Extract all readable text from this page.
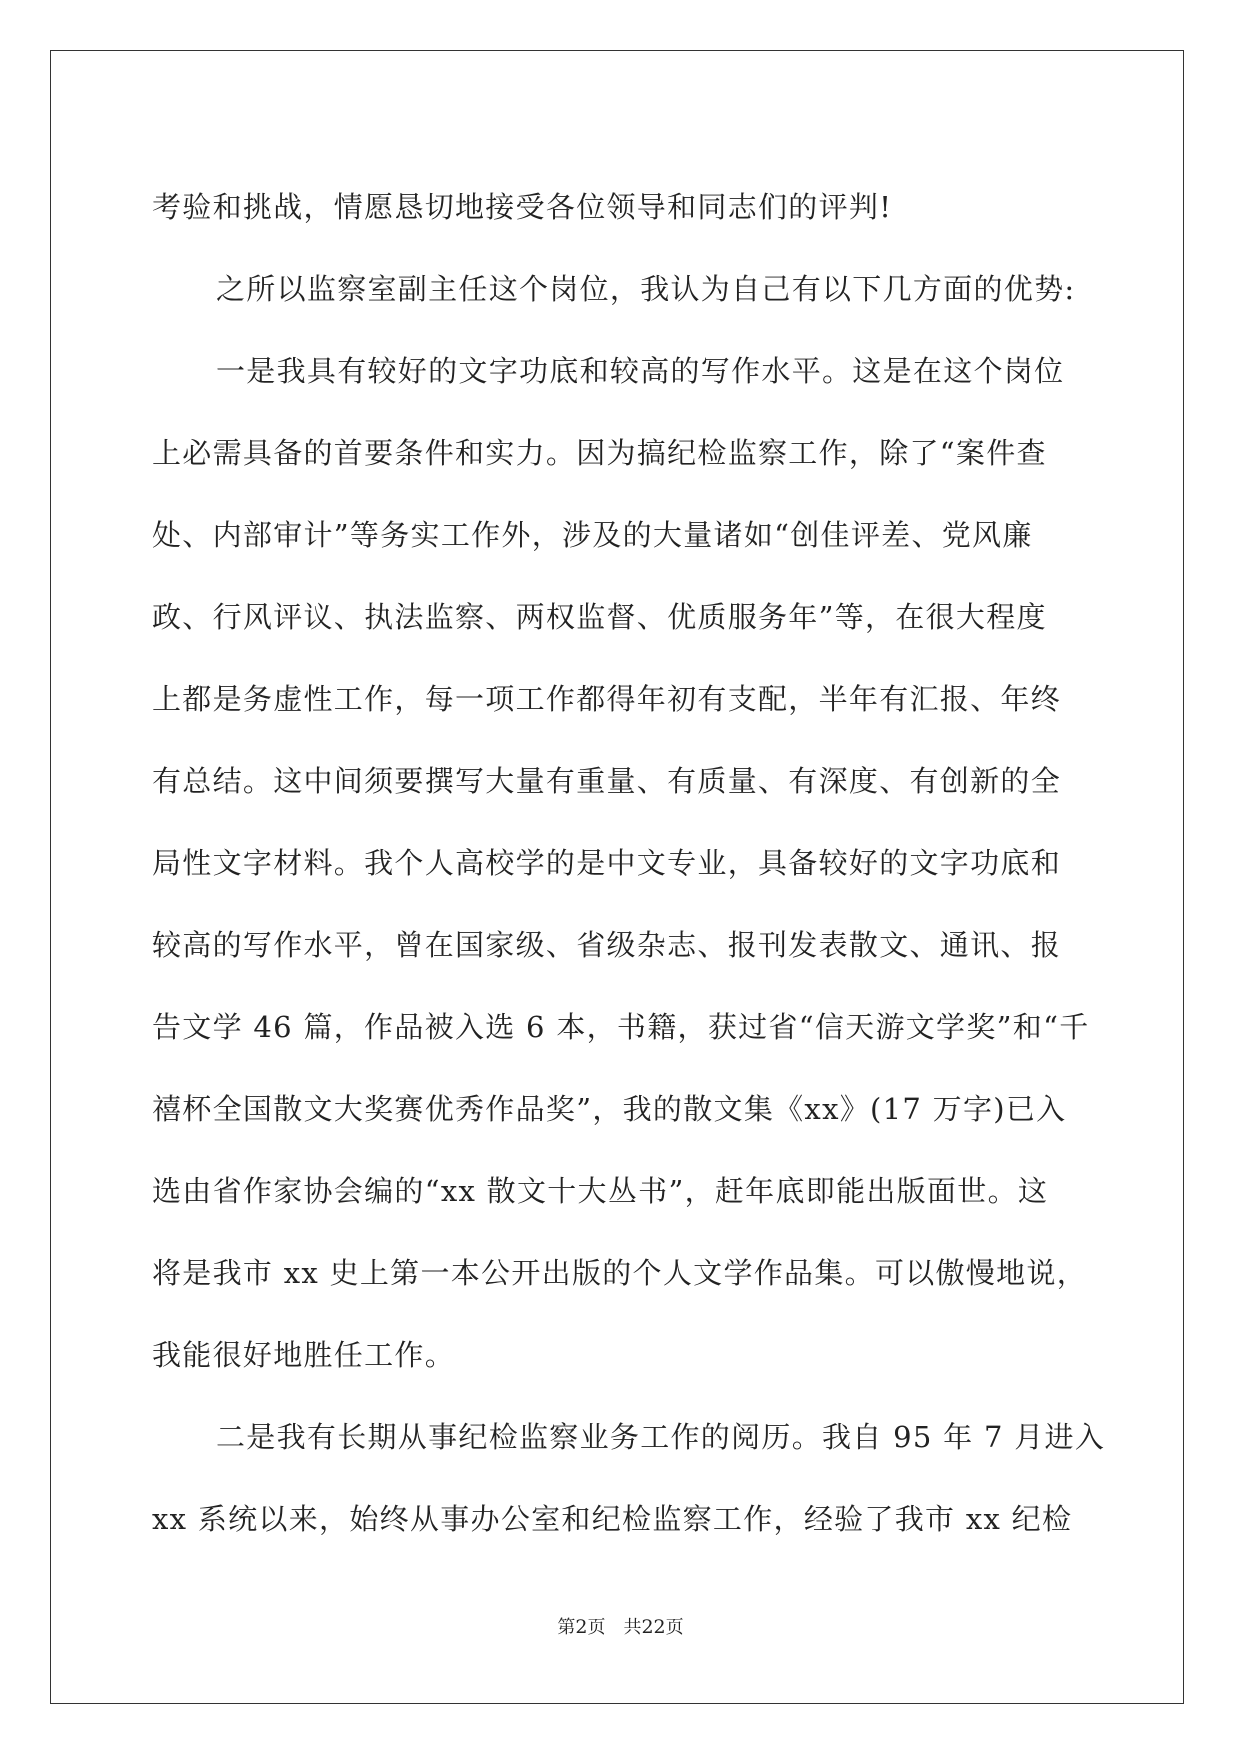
考验和挑战，情愿恳切地接受各位领导和同志们的评判!

之所以监察室副主任这个岗位，我认为自己有以下几方面的优势:

一是我具有较好的文字功底和较高的写作水平。这是在这个岗位
上必需具备的首要条件和实力。因为搞纪检监察工作，除了“案件查
处、内部审计”等务实工作外，涉及的大量诸如“创佳评差、党风廉
政、行风评议、执法监察、两权监督、优质服务年”等，在很大程度
上都是务虚性工作，每一项工作都得年初有支配，半年有汇报、年终
有总结。这中间须要撰写大量有重量、有质量、有深度、有创新的全
局性文字材料。我个人高校学的是中文专业，具备较好的文字功底和
较高的写作水平，曾在国家级、省级杂志、报刊发表散文、通讯、报
告文学 46 篇，作品被入选 6 本，书籍，获过省“信天游文学奖”和“千
禧杯全国散文大奖赛优秀作品奖”，我的散文集《xx》(17 万字)已入
选由省作家协会编的“xx 散文十大丛书”，赶年底即能出版面世。这
将是我市 xx 史上第一本公开出版的个人文学作品集。可以傲慢地说，
我能很好地胜任工作。

二是我有长期从事纪检监察业务工作的阅历。我自 95 年 7 月进入
xx 系统以来，始终从事办公室和纪检监察工作，经验了我市 xx 纪检

第2页 共22页
